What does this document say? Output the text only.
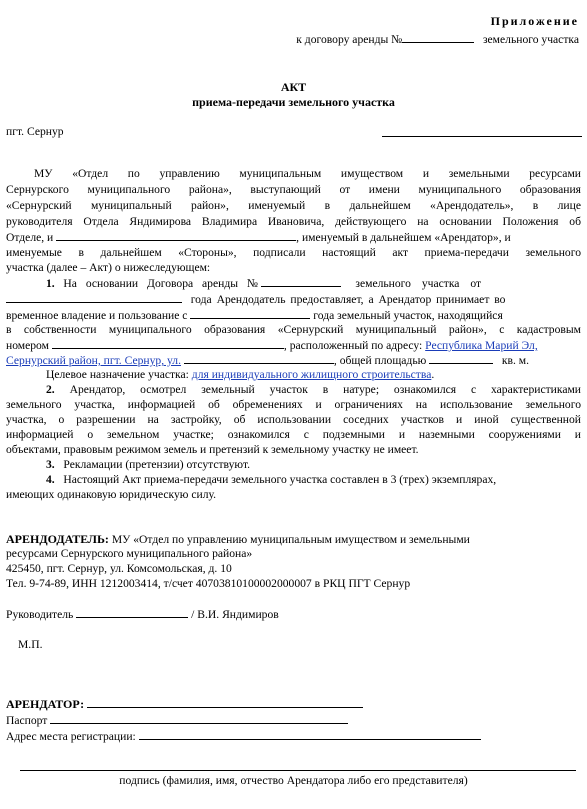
Приложение
к договору аренды №	земельного участка
АКТ
приема-передачи земельного участка
пгт. Сернур
МУ «Отдел по управлению муниципальным имуществом и земельными ресурсами
Сернурского муниципального района», выступающий от имени муниципального образования
«Сернурский муниципальный район», именуемый в дальнейшем «Арендодатель», в лице
руководителя Отдела Яндимирова Владимира Ивановича, действующего на основании Положения об
Отделе, и	, именуемый в дальнейшем «Арендатор», и
именуемые в дальнейшем «Стороны», подписали настоящий акт приема-передачи земельного
участка (далее – Акт) о нижеследующем:
1. На основании Договора аренды №	земельного участка от
года Арендодатель предоставляет, а Арендатор принимает во
временное владение и пользование с	года земельный участок, находящийся
в собственности муниципального образования «Сернурский муниципальный район», с кадастровым
номером	, расположенный по адресу: Республика Марий Эл,
Сернурский район, пгт. Сернур, ул.	, общей площадью	кв. м.
Целевое назначение участка: для индивидуального жилищного строительства.
2. Арендатор, осмотрел земельный участок в натуре; ознакомился с характеристиками
земельного участка, информацией об обременениях и ограничениях на использование земельного
участка, о разрешении на застройку, об использовании соседних участков и иной существенной
информацией о земельном участке; ознакомился с подземными и наземными сооружениями и
объектами, правовым режимом земель и претензий к земельному участку не имеет.
3. Рекламации (претензии) отсутствуют.
4. Настоящий Акт приема-передачи земельного участка составлен в 3 (трех) экземплярах,
имеющих одинаковую юридическую силу.
АРЕНДОДАТЕЛЬ: МУ «Отдел по управлению муниципальным имуществом и земельными
ресурсами Сернурского муниципального района»
425450, пгт. Сернур, ул. Комсомольская, д. 10
Тел. 9-74-89, ИНН 1212003414, т/счет 40703810100002000007 в РКЦ ПГТ Сернур
Руководитель	/ В.И. Яндимиров
М.П.
АРЕНДАТОР:
Паспорт
Адрес места регистрации:
подпись (фамилия, имя, отчество Арендатора либо его представителя)
